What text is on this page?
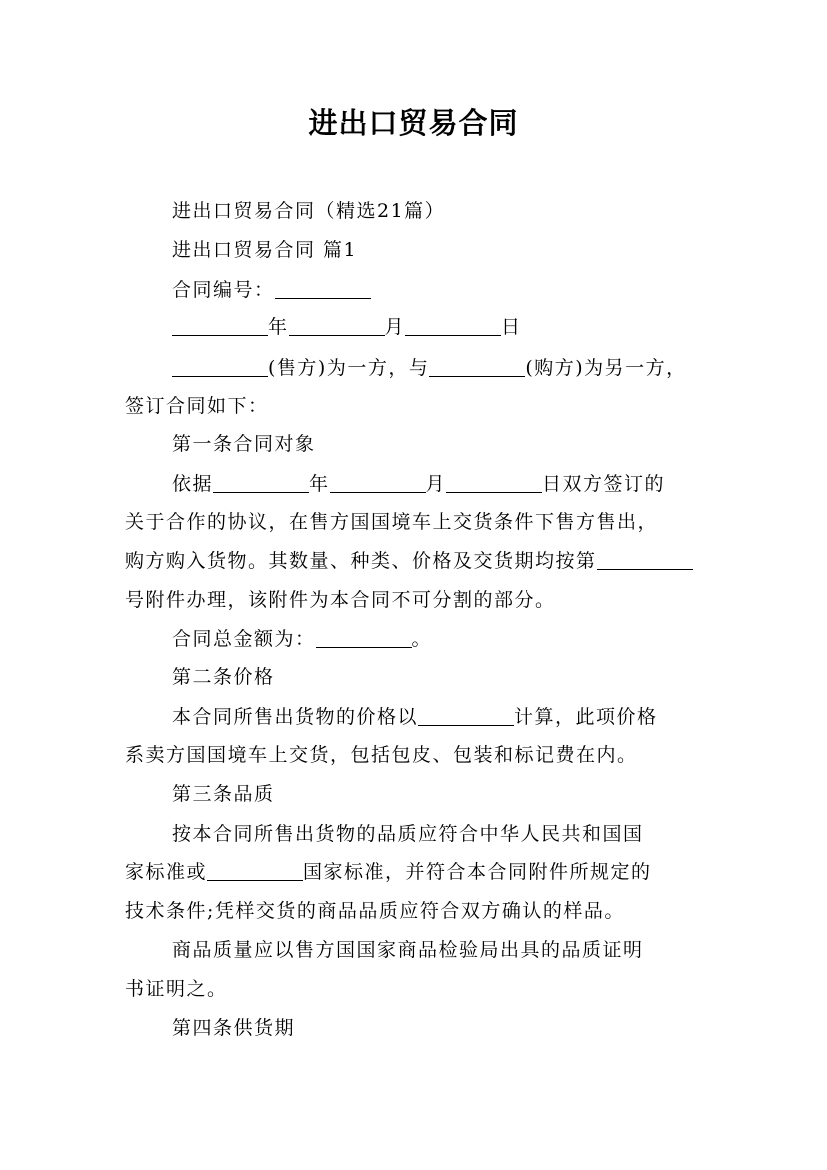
进出口贸易合同

进出口贸易合同（精选21篇）

进出口贸易合同 篇1

合同编号：

年	月	日

(售方)为一方，与	(购方)为另一方，

签订合同如下：

第一条合同对象

依据	年	月	日双方签订的

关于合作的协议，在售方国国境车上交货条件下售方售出，

购方购入货物。其数量、种类、价格及交货期均按第

号附件办理，该附件为本合同不可分割的部分。

合同总金额为：	。

第二条价格

本合同所售出货物的价格以	计算，此项价格

系卖方国国境车上交货，包括包皮、包装和标记费在内。

第三条品质

按本合同所售出货物的品质应符合中华人民共和国国

家标准或	国家标准，并符合本合同附件所规定的

技术条件;凭样交货的商品品质应符合双方确认的样品。

商品质量应以售方国国家商品检验局出具的品质证明

书证明之。

第四条供货期
